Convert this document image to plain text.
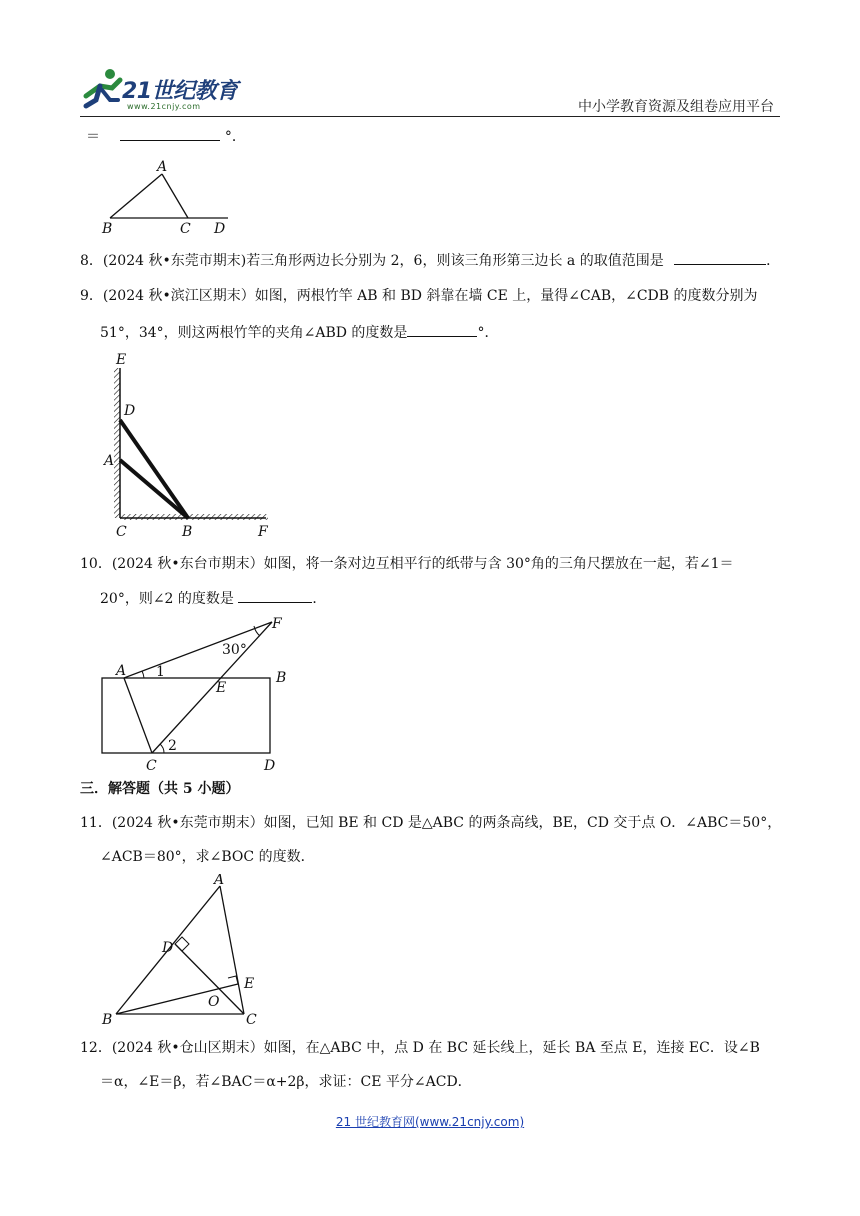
21世纪教育
www.21cnjy.com	中小学教育资源及组卷应用平台
＝	°．
A
B	C D
8．(2024 秋•东莞市期末)若三角形两边长分别为 2，6，则该三角形第三边长 a 的取值范围是	．
9．(2024 秋•滨江区期末）如图，两根竹竿 AB 和 BD 斜靠在墙 CE 上，量得∠CAB，∠CDB 的度数分别为
51°，34°，则这两根竹竿的夹角∠ABD 的度数是	°．
E
D
A
C	B	F
10．(2024 秋•东台市期末）如图，将一条对边互相平行的纸带与含 30°角的三角尺摆放在一起，若∠1＝
20°，则∠2 的度数是	．
A	B
C	D
E
F
30°
1
2
三．解答题（共 5 小题）
11．(2024 秋•东莞市期末）如图，已知 BE 和 CD 是△ABC 的两条高线，BE，CD 交于点 O．∠ABC＝50°，
∠ACB＝80°，求∠BOC 的度数．
A
B	C
D
E
O
12．(2024 秋•仓山区期末）如图，在△ABC 中，点 D 在 BC 延长线上，延长 BA 至点 E，连接 EC．设∠B
＝α，∠E＝β，若∠BAC＝α+2β，求证：CE 平分∠ACD．
21 世纪教育网(www.21cnjy.com)
